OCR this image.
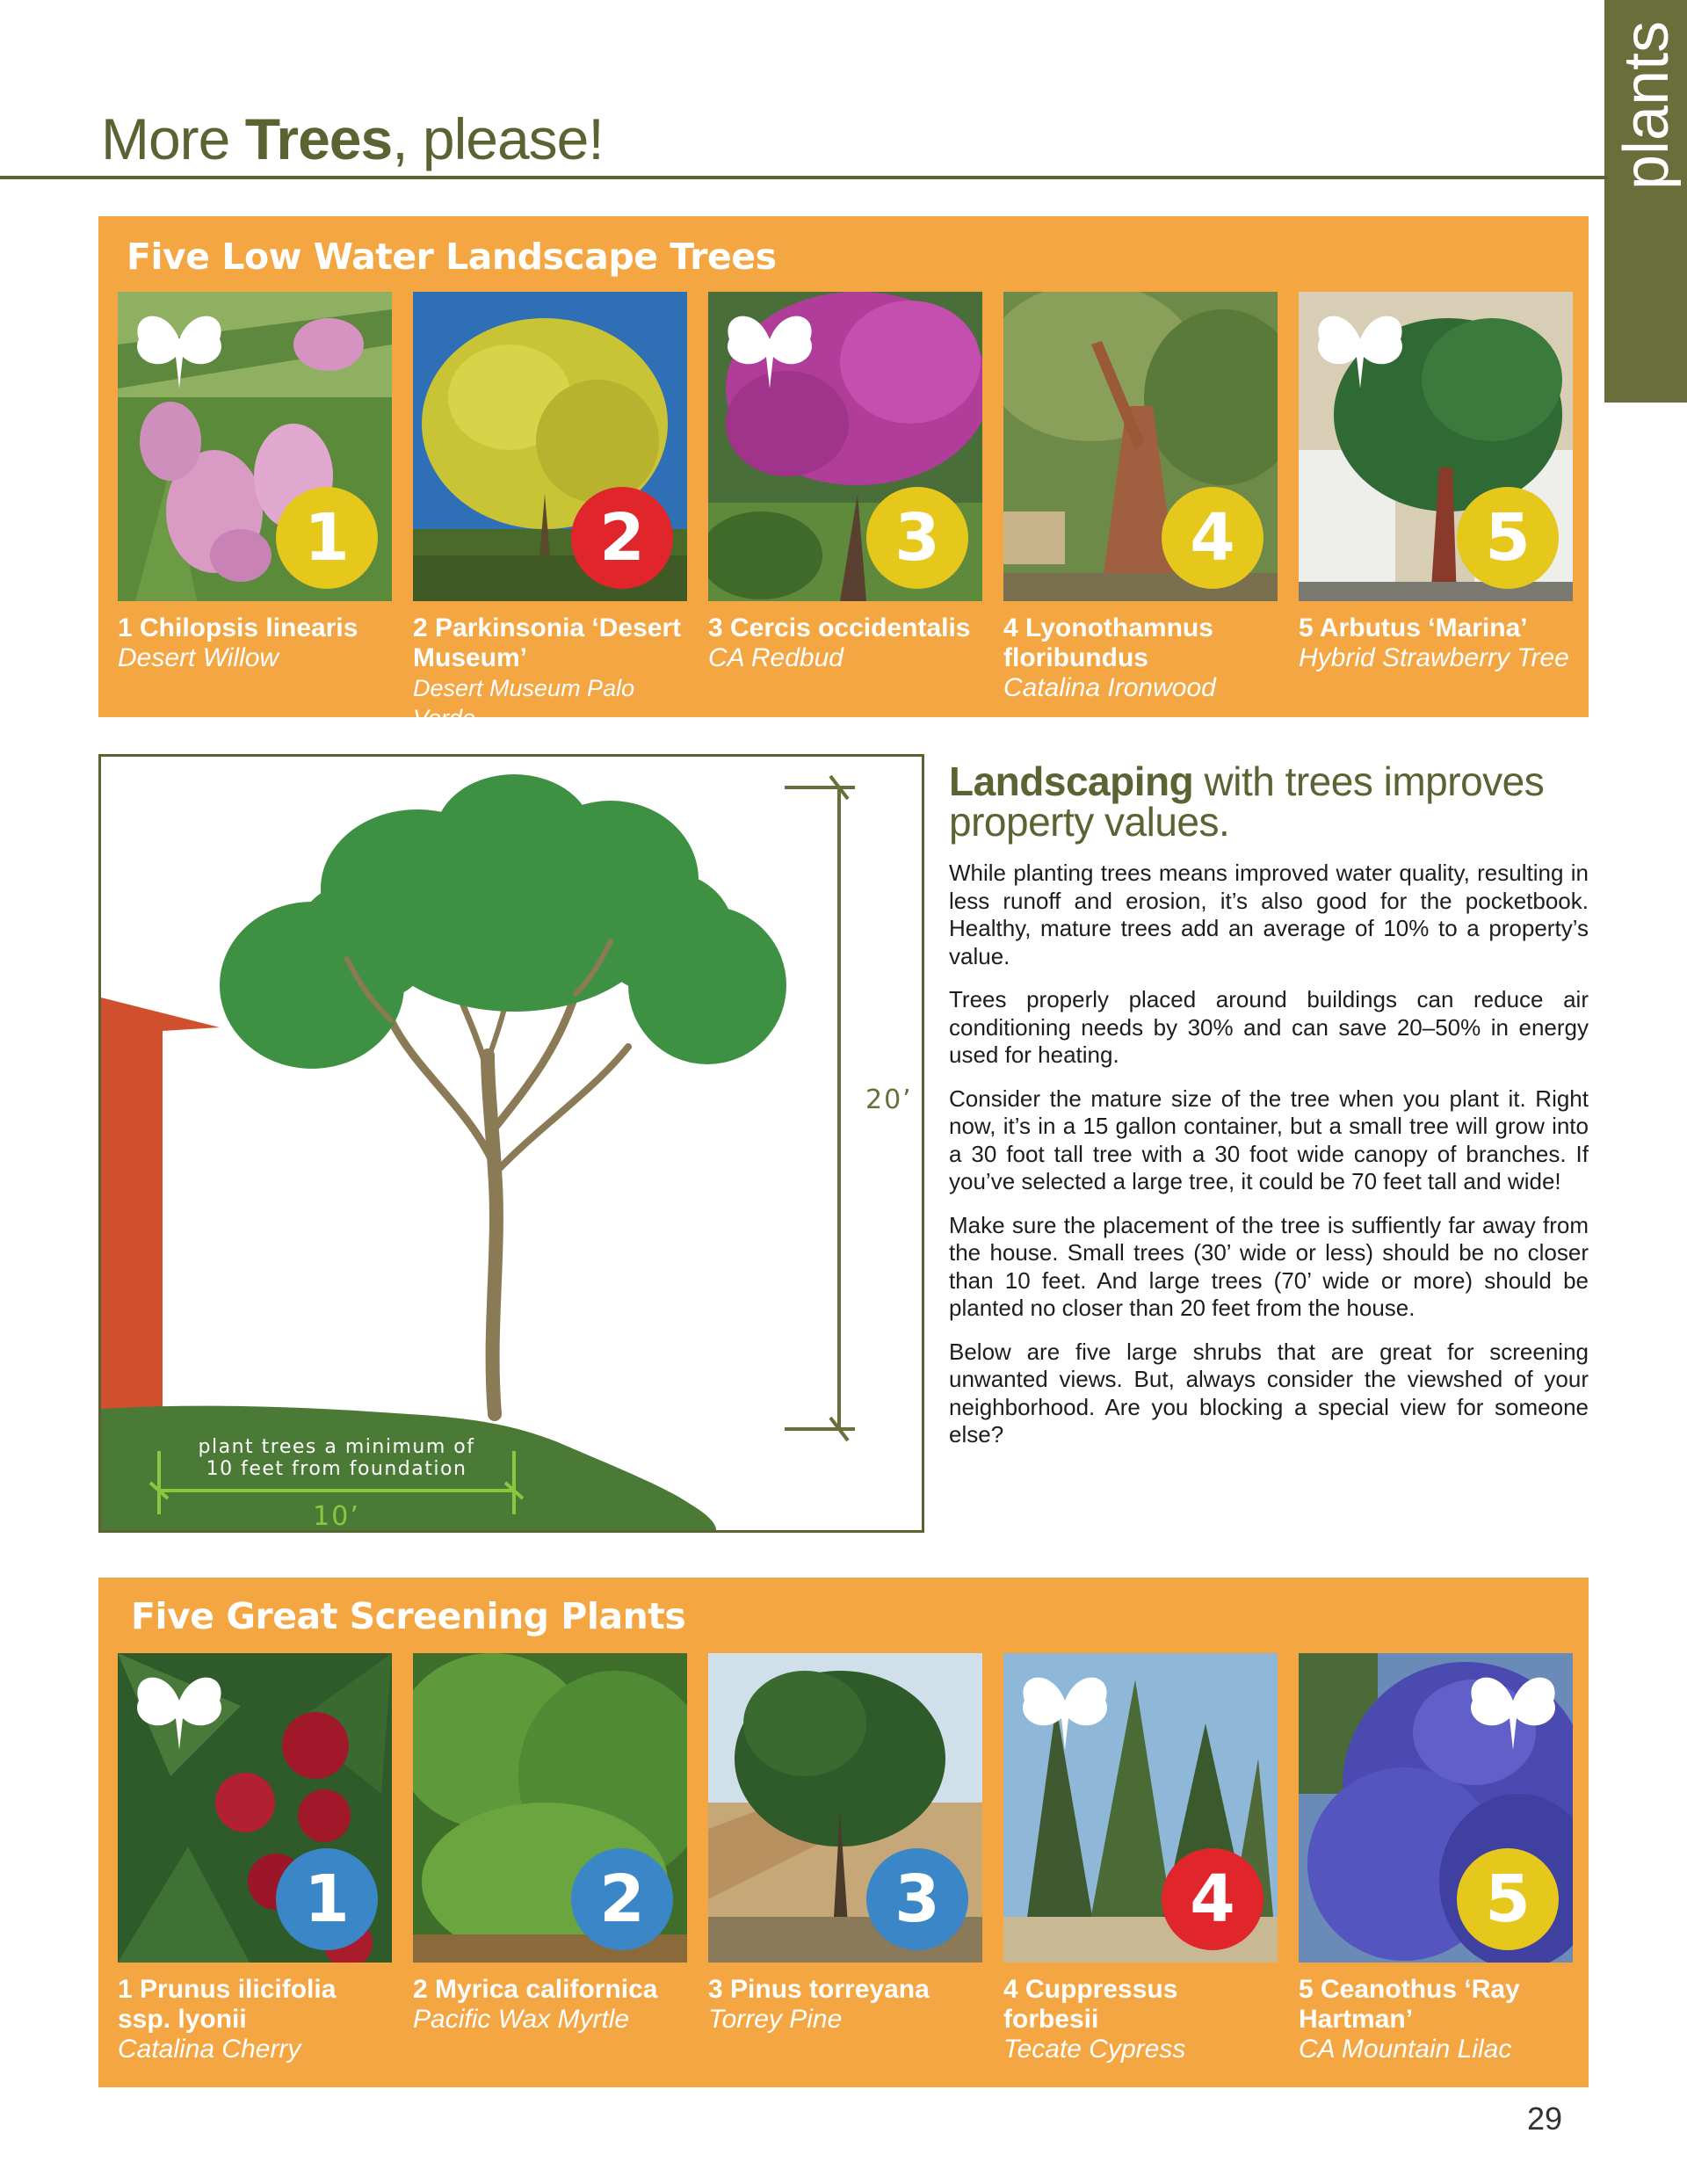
plants
More Trees, please!
Five Low Water Landscape Trees
1
1 Chilopsis linearis
Desert Willow
2
2 Parkinsonia ‘Desert Museum’
Desert Museum Palo Verde
3
3 Cercis occidentalis
CA Redbud
4
4 Lyonothamnus floribundus
Catalina Ironwood
5
5 Arbutus ‘Marina’
Hybrid Strawberry Tree
20’
plant trees a minimum of
10 feet from foundation
10’
Landscaping with trees improves property values.

While planting trees means improved water quality, resulting in less runoff and erosion, it’s also good for the pocketbook. Healthy, mature trees add an average of 10% to a property’s value.

Trees properly placed around buildings can reduce air conditioning needs by 30% and can save 20–50% in energy used for heating.

Consider the mature size of the tree when you plant it. Right now, it’s in a 15 gallon container, but a small tree will grow into a 30 foot tall tree with a 30 foot wide canopy of branches. If you’ve selected a large tree, it could be 70 feet tall and wide!

Make sure the placement of the tree is suffiently far away from the house. Small trees (30’ wide or less) should be no closer than 10 feet. And large trees (70’ wide or more) should be planted no closer than 20 feet from the house.

Below are five large shrubs that are great for screening unwanted views. But, always consider the viewshed of your neighborhood. Are you blocking a special view for someone else?

Five Great Screening Plants
1
1 Prunus ilicifolia ssp. lyonii
Catalina Cherry
2
2 Myrica californica
Pacific Wax Myrtle
3
3 Pinus torreyana
Torrey Pine
4
4 Cuppressus forbesii
Tecate Cypress
5
5 Ceanothus ‘Ray Hartman’
CA Mountain Lilac
29
